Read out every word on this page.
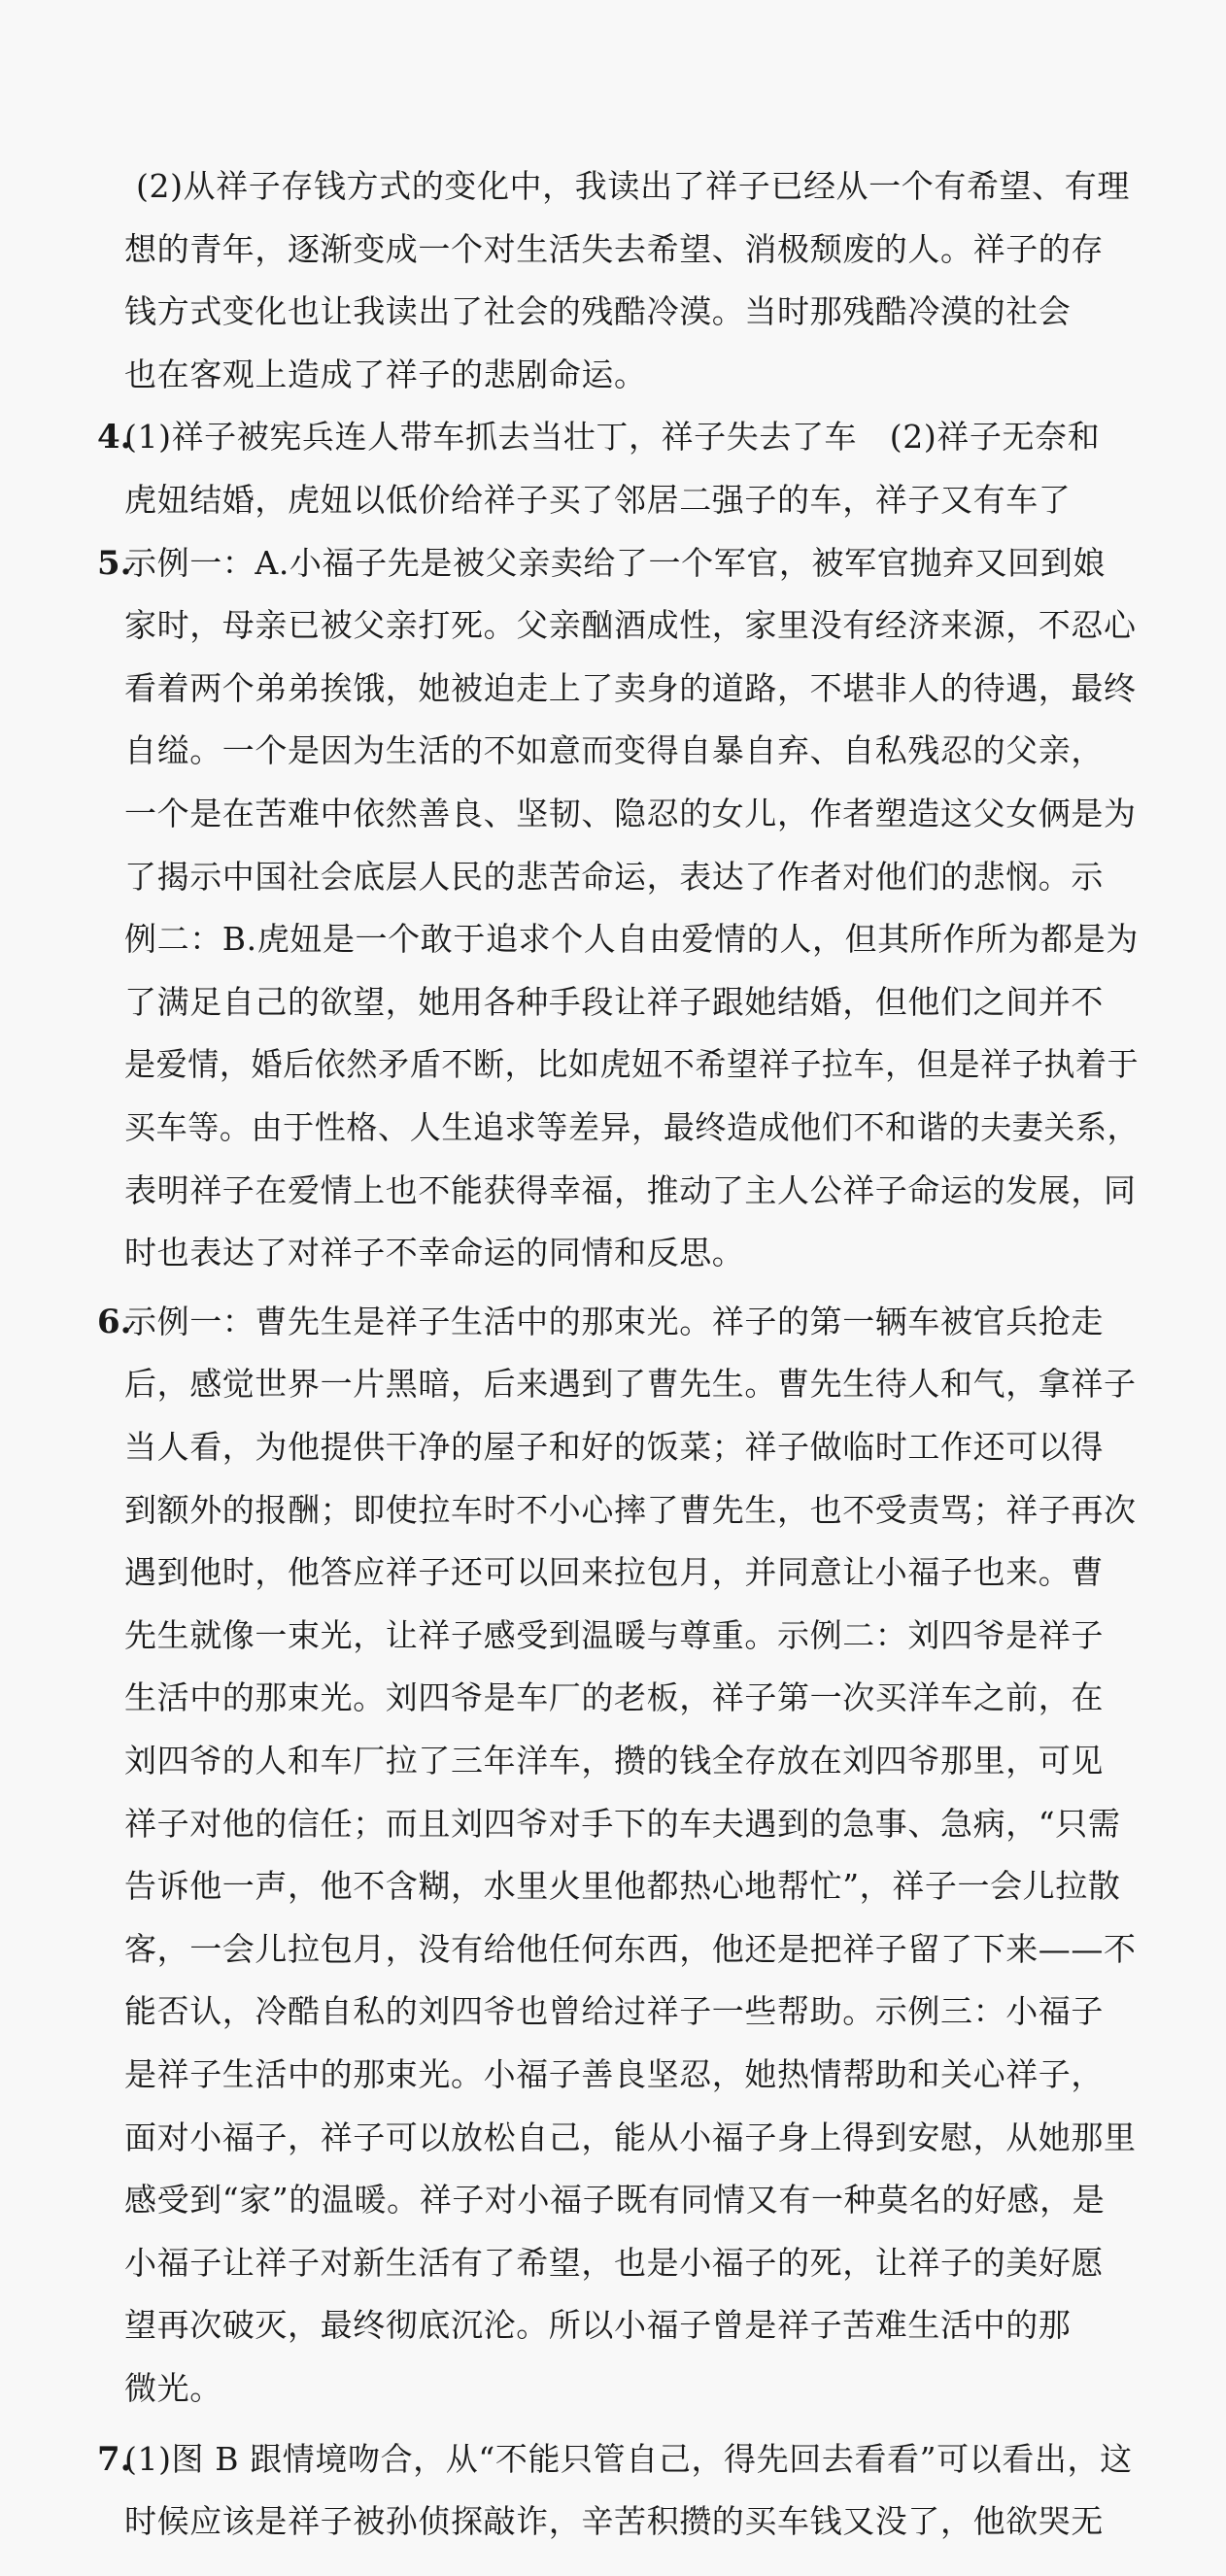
(2)从祥子存钱方式的变化中，我读出了祥子已经从一个有希望、有理
想的青年，逐渐变成一个对生活失去希望、消极颓废的人。祥子的存
钱方式变化也让我读出了社会的残酷冷漠。当时那残酷冷漠的社会
也在客观上造成了祥子的悲剧命运。
4.
(1)祥子被宪兵连人带车抓去当壮丁，祥子失去了车　(2)祥子无奈和
虎妞结婚，虎妞以低价给祥子买了邻居二强子的车，祥子又有车了
5.
示例一：A.小福子先是被父亲卖给了一个军官，被军官抛弃又回到娘
家时，母亲已被父亲打死。父亲酗酒成性，家里没有经济来源，不忍心
看着两个弟弟挨饿，她被迫走上了卖身的道路，不堪非人的待遇，最终
自缢。一个是因为生活的不如意而变得自暴自弃、自私残忍的父亲，
一个是在苦难中依然善良、坚韧、隐忍的女儿，作者塑造这父女俩是为
了揭示中国社会底层人民的悲苦命运，表达了作者对他们的悲悯。示
例二：B.虎妞是一个敢于追求个人自由爱情的人，但其所作所为都是为
了满足自己的欲望，她用各种手段让祥子跟她结婚，但他们之间并不
是爱情，婚后依然矛盾不断，比如虎妞不希望祥子拉车，但是祥子执着于
买车等。由于性格、人生追求等差异，最终造成他们不和谐的夫妻关系，
表明祥子在爱情上也不能获得幸福，推动了主人公祥子命运的发展，同
时也表达了对祥子不幸命运的同情和反思。
6.
示例一：曹先生是祥子生活中的那束光。祥子的第一辆车被官兵抢走
后，感觉世界一片黑暗，后来遇到了曹先生。曹先生待人和气，拿祥子
当人看，为他提供干净的屋子和好的饭菜；祥子做临时工作还可以得
到额外的报酬；即使拉车时不小心摔了曹先生，也不受责骂；祥子再次
遇到他时，他答应祥子还可以回来拉包月，并同意让小福子也来。曹
先生就像一束光，让祥子感受到温暖与尊重。示例二：刘四爷是祥子
生活中的那束光。刘四爷是车厂的老板，祥子第一次买洋车之前，在
刘四爷的人和车厂拉了三年洋车，攒的钱全存放在刘四爷那里，可见
祥子对他的信任；而且刘四爷对手下的车夫遇到的急事、急病，“只需
告诉他一声，他不含糊，水里火里他都热心地帮忙”，祥子一会儿拉散
客，一会儿拉包月，没有给他任何东西，他还是把祥子留了下来——不
能否认，冷酷自私的刘四爷也曾给过祥子一些帮助。示例三：小福子
是祥子生活中的那束光。小福子善良坚忍，她热情帮助和关心祥子，
面对小福子，祥子可以放松自己，能从小福子身上得到安慰，从她那里
感受到“家”的温暖。祥子对小福子既有同情又有一种莫名的好感，是
小福子让祥子对新生活有了希望，也是小福子的死，让祥子的美好愿
望再次破灭，最终彻底沉沦。所以小福子曾是祥子苦难生活中的那
微光。
7.
(1)图 B 跟情境吻合，从“不能只管自己，得先回去看看”可以看出，这
时候应该是祥子被孙侦探敲诈，辛苦积攒的买车钱又没了，他欲哭无
